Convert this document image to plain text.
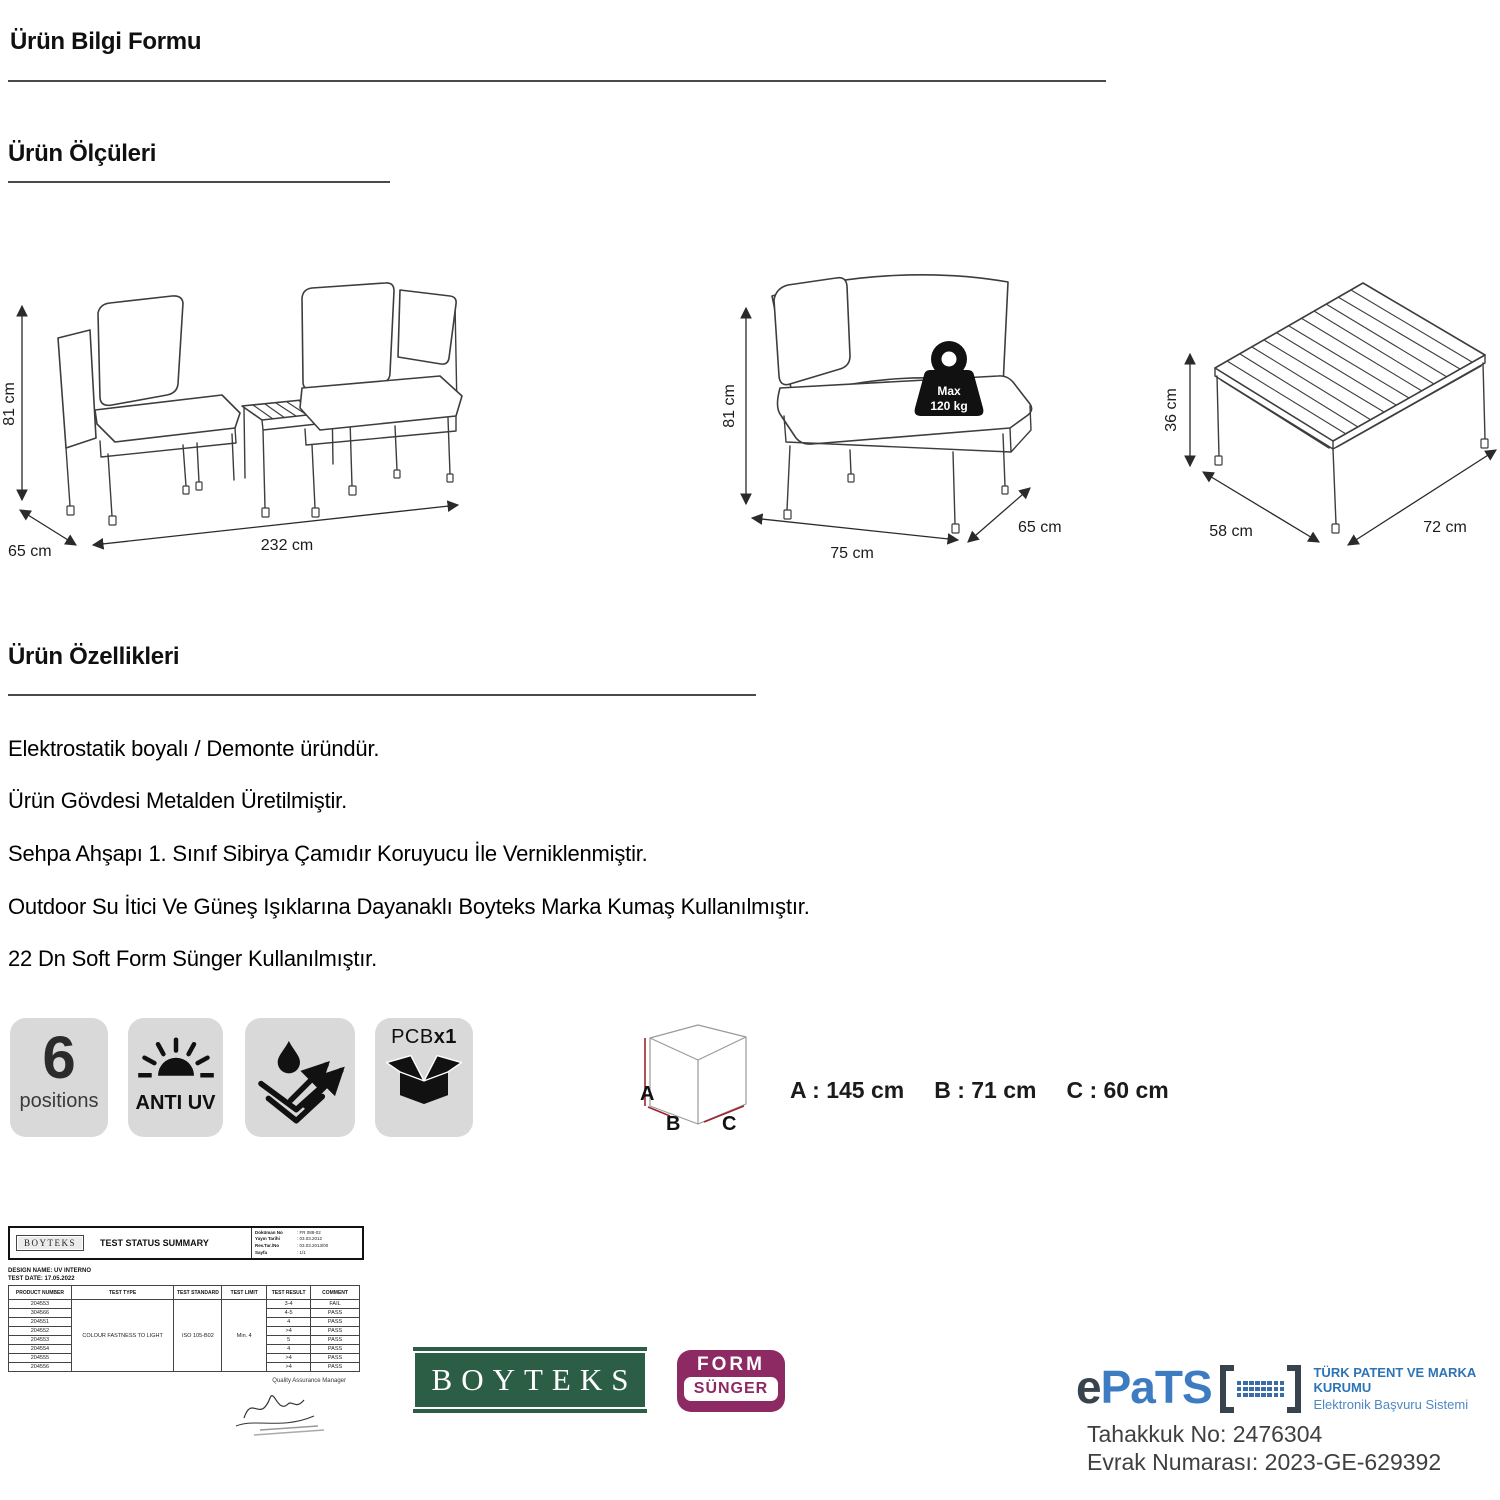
Ürün Bilgi Formu
Ürün Ölçüleri
81 cm
65 cm	232 cm
Max
120 kg
81 cm
75 cm
65 cm
36 cm
58 cm	72 cm
Ürün Özellikleri
Elektrostatik boyalı / Demonte üründür.
Ürün Gövdesi Metalden Üretilmiştir.
Sehpa Ahşapı 1. Sınıf Sibirya Çamıdır Koruyucu İle Verniklenmiştir.
Outdoor Su İtici Ve Güneş Işıklarına Dayanaklı Boyteks Marka Kumaş Kullanılmıştır.
22 Dn Soft Form Sünger Kullanılmıştır.
6
positions ANTI UV
PCBx1
A
B C
A : 145 cm B : 71 cm C : 60 cm
BOYTEKS	TEST STATUS SUMMARY
Doküman No	: FR 088-02
Yayın Tarihi	: 03.03.2012
Rev.Tar./No	: 03.03.2013/00
Sayfa	: 1/1
DESIGN NAME: UV INTERNO
TEST DATE: 17.05.2022
PRODUCT NUMBER	TEST TYPE	TEST STANDARD	TEST LIMIT	TEST RESULT	COMMENT
204553	COLOUR FASTNESS TO LIGHT	ISO 105-B02	Min. 4	3-4	FAIL
304566				4-5	PASS
204551				4	PASS
204552				>4	PASS
204553				5	PASS
204554				4	PASS
204555				>4	PASS
204556				>4	PASS
Quality Assurance Manager	BOYTEKS	FORM
SÜNGER	e PaTS	TÜRK PATENT VE MARKA KURUMU
Elektronik Başvuru Sistemi
Tahakkuk No: 2476304
Evrak Numarası: 2023-GE-629392
